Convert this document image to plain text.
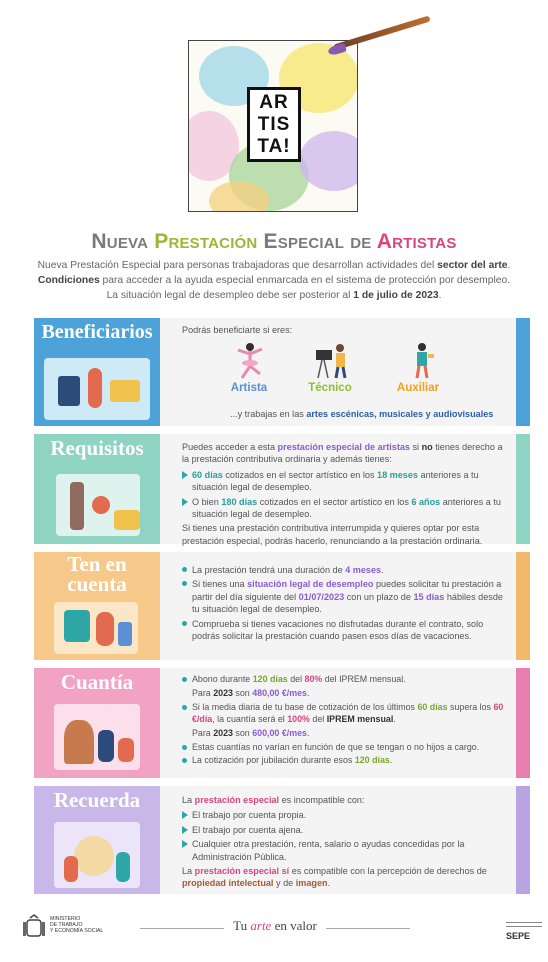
AR
TIS
TA!
NUEVA PRESTACIÓN ESPECIAL DE ARTISTAS
Nueva Prestación Especial para personas trabajadoras que desarrollan actividades del sector del arte.
Condiciones para acceder a la ayuda especial enmarcada en el sistema de protección por desempleo.
La situación legal de desempleo debe ser posterior al 1 de julio de 2023.
Beneficiarios	Podrás beneficiarte si eres:

Artista	Técnico	Auxiliar
...y trabajas en las artes escénicas, musicales y audiovisuales
Requisitos	Puedes acceder a esta prestación especial de artistas si no tienes derecho a la prestación contributiva ordinaria y además tienes:

60 días cotizados en el sector artístico en los 18 meses anteriores a tu situación legal de desempleo.
O bien 180 días cotizados en el sector artístico en los 6 años anteriores a tu situación legal de desempleo.

Si tienes una prestación contributiva interrumpida y quieres optar por esta prestación especial, podrás hacerlo, renunciando a la prestación ordinaria.

Ten en
cuenta
La prestación tendrá una duración de 4 meses.
Si tienes una situación legal de desempleo puedes solicitar tu prestación a partir del día siguiente del 01/07/2023 con un plazo de 15 días hábiles desde tu situación legal de desempleo.
Comprueba si tienes vacaciones no disfrutadas durante el contrato, solo podrás solicitar la prestación cuando pasen esos días de vacaciones.
Cuantía	Abono durante 120 días del 80% del IPREM mensual.
Para 2023 son 480,00 €/mes.
Si la media diaria de tu base de cotización de los últimos 60 días supera los 60 €/día, la cuantía será el 100% del IPREM mensual.
Para 2023 son 600,00 €/mes.
Estas cuantías no varían en función de que se tengan o no hijos a cargo.
La cotización por jubilación durante esos 120 días.
Recuerda	La prestación especial es incompatible con:

El trabajo por cuenta propia.
El trabajo por cuenta ajena.
Cualquier otra prestación, renta, salario o ayudas concedidas por la Administración Pública.

La prestación especial sí es compatible con la percepción de derechos de propiedad intelectual y de imagen.

MINISTERIO
DE TRABAJO
Y ECONOMÍA SOCIAL	Tu arte en valor
SEPE
